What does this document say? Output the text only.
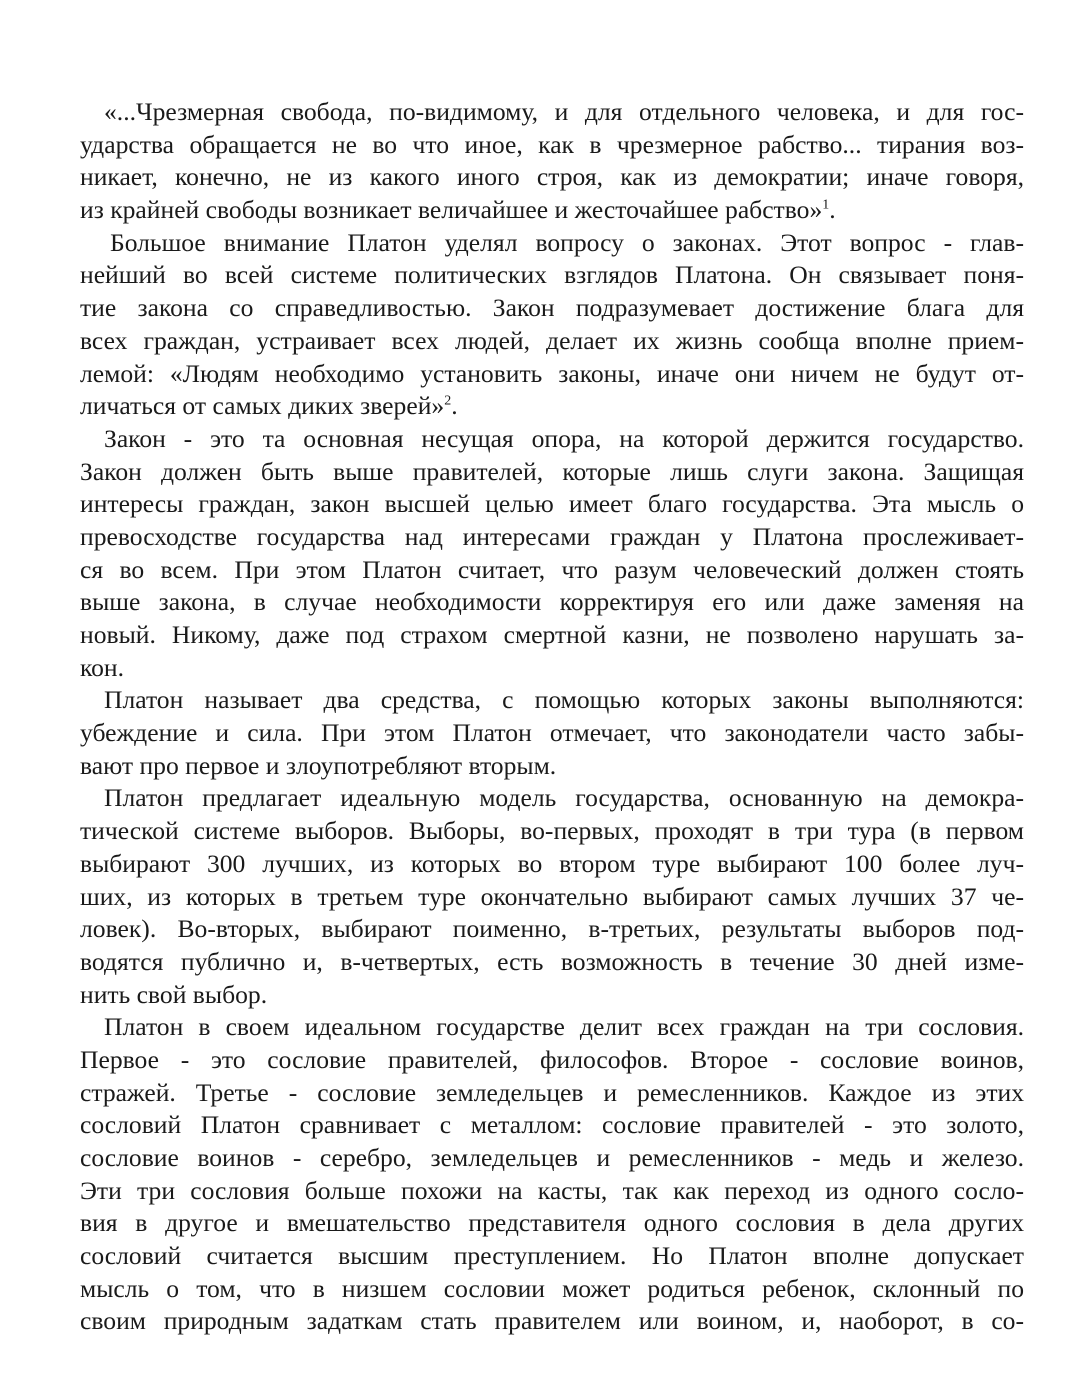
«...Чрезмерная свобода, по-видимому, и для отдельного человека, и для гос-
ударства обращается не во что иное, как в чрезмерное рабство... тирания воз-
никает, конечно, не из какого иного строя, как из демократии; иначе говоря,
из крайней свободы возникает величайшее и жесточайшее рабство»$^1$.
Большое внимание Платон уделял вопросу о законах. Этот вопрос - глав-
нейший во всей системе политических взглядов Платона. Он связывает поня-
тие закона со справедливостью. Закон подразумевает достижение блага для
всех граждан, устраивает всех людей, делает их жизнь сообща вполне прием-
лемой: «Людям необходимо установить законы, иначе они ничем не будут от-
личаться от самых диких зверей»$^2$.
Закон - это та основная несущая опора, на которой держится государство.
Закон должен быть выше правителей, которые лишь слуги закона. Защищая
интересы граждан, закон высшей целью имеет благо государства. Эта мысль о
превосходстве государства над интересами граждан у Платона прослеживает-
ся во всем. При этом Платон считает, что разум человеческий должен стоять
выше закона, в случае необходимости корректируя его или даже заменяя на
новый. Никому, даже под страхом смертной казни, не позволено нарушать за-
кон.
Платон называет два средства, с помощью которых законы выполняются:
убеждение и сила. При этом Платон отмечает, что законодатели часто забы-
вают про первое и злоупотребляют вторым.
Платон предлагает идеальную модель государства, основанную на демокра-
тической системе выборов. Выборы, во-первых, проходят в три тура (в первом
выбирают 300 лучших, из которых во втором туре выбирают 100 более луч-
ших, из которых в третьем туре окончательно выбирают самых лучших 37 че-
ловек). Во-вторых, выбирают поименно, в-третьих, результаты выборов под-
водятся публично и, в-четвертых, есть возможность в течение 30 дней изме-
нить свой выбор.
Платон в своем идеальном государстве делит всех граждан на три сословия.
Первое - это сословие правителей, философов. Второе - сословие воинов,
стражей. Третье - сословие земледельцев и ремесленников. Каждое из этих
сословий Платон сравнивает с металлом: сословие правителей - это золото,
сословие воинов - серебро, земледельцев и ремесленников - медь и железо.
Эти три сословия больше похожи на касты, так как переход из одного сосло-
вия в другое и вмешательство представителя одного сословия в дела других
сословий считается высшим преступлением. Но Платон вполне допускает
мысль о том, что в низшем сословии может родиться ребенок, склонный по
своим природным задаткам стать правителем или воином, и, наоборот, в со-
